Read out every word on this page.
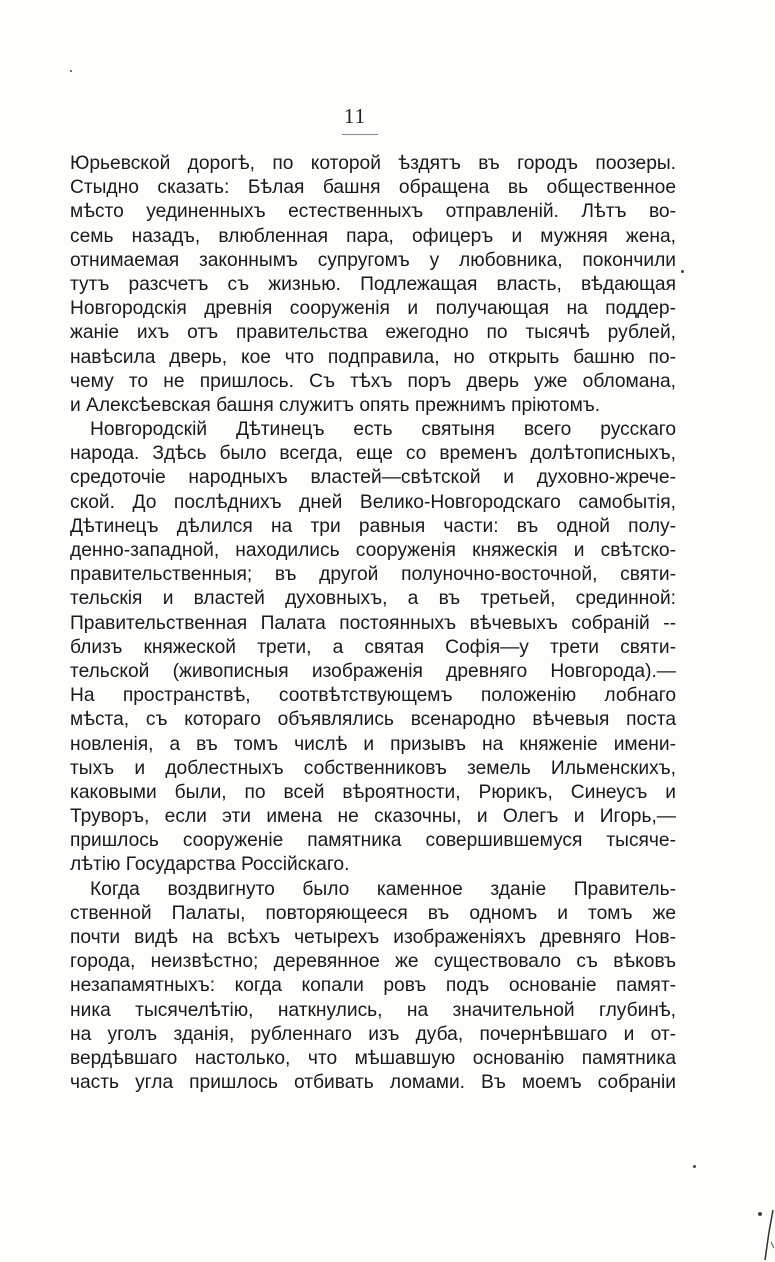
11
Юрьевской дорогѣ, по которой ѣздятъ въ городъ поозеры.
Стыдно сказать: Бѣлая башня обращена вь общественное
мѣсто уединенныхъ естественныхъ отправленій. Лѣтъ во-
семь назадъ, влюбленная пара, офицеръ и мужняя жена,
отнимаемая законнымъ супругомъ у любовника, покончили
тутъ разсчетъ съ жизнью. Подлежащая власть, вѣдающая
Новгородскія древнія сооруженія и получающая на поддер-
жаніе ихъ отъ правительства ежегодно по тысячѣ рублей,
навѣсила дверь, кое что подправила, но открыть башню по-
чему то не пришлось. Съ тѣхъ поръ дверь уже обломана,
и Алексѣевская башня служитъ опять прежнимъ пріютомъ.
Новгородскій Дѣтинецъ есть святыня всего русскаго
народа. Здѣсь было всегда, еще со временъ долѣтописныхъ,
средоточіе народныхъ властей—свѣтской и духовно-жрече-
ской. До послѣднихъ дней Велико-Новгородскаго самобытія,
Дѣтинецъ дѣлился на три равныя части: въ одной полу-
денно-западной, находились сооруженія княжескія и свѣтско-
правительственныя; въ другой полуночно-восточной, святи-
тельскія и властей духовныхъ, а въ третьей, срединной:
Правительственная Палата постоянныхъ вѣчевыхъ собраній --
близъ княжеской трети, а святая Софія—у трети святи-
тельской (живописныя изображенія древняго Новгорода).—
На пространствѣ, соотвѣтствующемъ положенію лобнаго
мѣста, съ котораго объявлялись всенародно вѣчевыя поста
новленія, а въ томъ числѣ и призывъ на княженіе имени-
тыхъ и доблестныхъ собственниковъ земель Ильменскихъ,
каковыми были, по всей вѣроятности, Рюрикъ, Синеусъ и
Труворъ, если эти имена не сказочны, и Олегъ и Игорь,—
пришлось сооруженіе памятника совершившемуся тысяче-
лѣтію Государства Россійскаго.
Когда воздвигнуто было каменное зданіе Правитель-
ственной Палаты, повторяющееся въ одномъ и томъ же
почти видѣ на всѣхъ четырехъ изображеніяхъ древняго Нов-
города, неизвѣстно; деревянное же существовало съ вѣковъ
незапамятныхъ: когда копали ровъ подъ основаніе памят-
ника тысячелѣтію, наткнулись, на значительной глубинѣ,
на уголъ зданія, рубленнаго изъ дуба, почернѣвшаго и от-
вердѣвшаго настолько, что мѣшавшую основанію памятника
часть угла пришлось отбивать ломами. Въ моемъ собраніи
